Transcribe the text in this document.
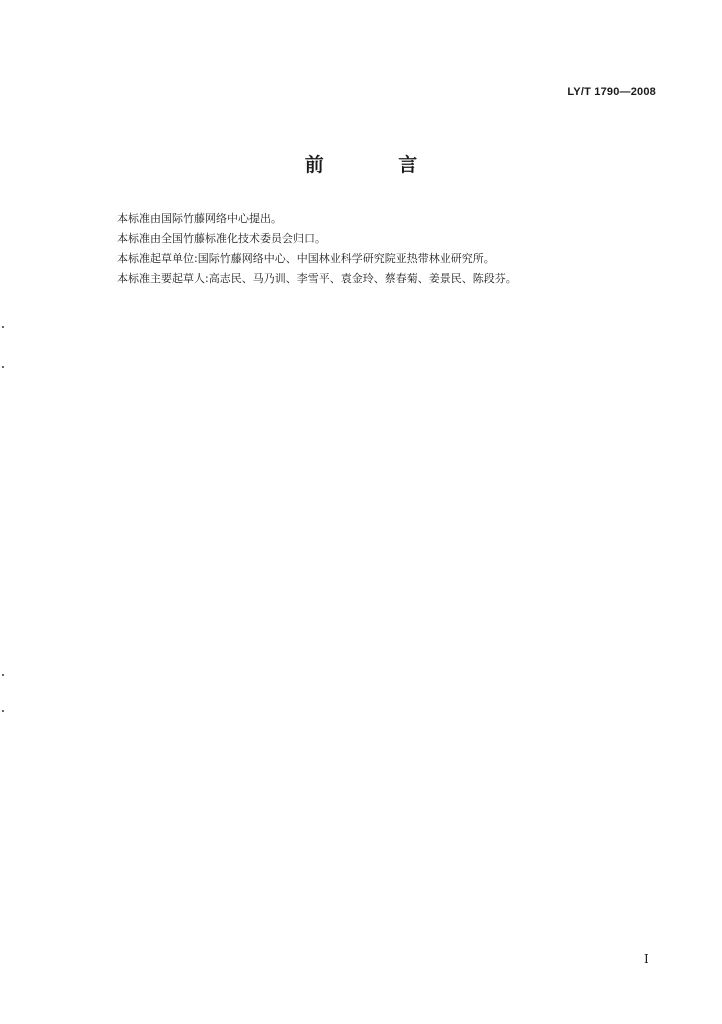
LY/T 1790—2008
前 言
本标准由国际竹藤网络中心提出。
本标准由全国竹藤标准化技术委员会归口。
本标准起草单位:国际竹藤网络中心、中国林业科学研究院亚热带林业研究所。
本标准主要起草人:高志民、马乃训、李雪平、袁金玲、蔡春菊、姜景民、陈段芬。
I
